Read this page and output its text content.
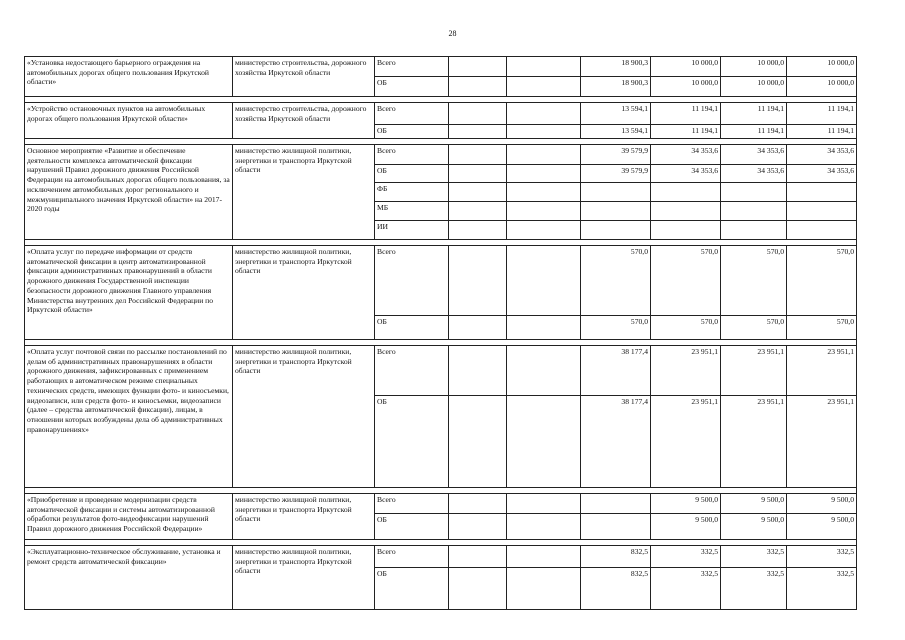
28
«Установка недостающего барьерного ограждения на автомобильных дорогах общего пользования Иркутской области»	министерство строительства, дорожного хозяйства Иркутской области	Всего			18 900,3	10 000,0	10 000,0	10 000,0
		ОБ			18 900,3	10 000,0	10 000,0	10 000,0

«Устройство остановочных пунктов на автомобильных дорогах общего пользования Иркутской области»	министерство строительства, дорожного хозяйства Иркутской области	Всего			13 594,1	11 194,1	11 194,1	11 194,1
		ОБ			13 594,1	11 194,1	11 194,1	11 194,1

Основное мероприятие «Развитие и обеспечение деятельности комплекса автоматической фиксации нарушений Правил дорожного движения Российской Федерации на автомобильных дорогах общего пользования, за исключением автомобильных дорог регионального и межмуниципального значения Иркутской области» на 2017-2020 годы	министерство жилищной политики, энергетики и транспорта Иркутской области	Всего			39 579,9	34 353,6	34 353,6	34 353,6
		ОБ			39 579,9	34 353,6	34 353,6	34 353,6
		ФБ						
		МБ						
		ИИ						

«Оплата услуг по передаче информации от средств автоматической фиксации в центр автоматизированной фиксации административных правонарушений в области дорожного движения Государственной инспекции безопасности дорожного движения Главного управления Министерства внутренних дел Российской Федерации по Иркутской области»	министерство жилищной политики, энергетики и транспорта Иркутской области	Всего			570,0	570,0	570,0	570,0
		ОБ			570,0	570,0	570,0	570,0

«Оплата услуг почтовой связи по рассылке постановлений по делам об административных правонарушениях в области дорожного движения, зафиксированных с применением работающих в автоматическом режиме специальных технических средств, имеющих функции фото- и киносъемки, видеозаписи, или средств фото- и киносъемки, видеозаписи (далее – средства автоматической фиксации), лицам, в отношении которых возбуждены дела об административных правонарушениях»	министерство жилищной политики, энергетики и транспорта Иркутской области	Всего			38 177,4	23 951,1	23 951,1	23 951,1
		ОБ			38 177,4	23 951,1	23 951,1	23 951,1

«Приобретение и проведение модернизации средств автоматической фиксации и системы автоматизированной обработки результатов фото-видеофиксации нарушений Правил дорожного движения Российской Федерации»	министерство жилищной политики, энергетики и транспорта Иркутской области	Всего				9 500,0	9 500,0	9 500,0
		ОБ				9 500,0	9 500,0	9 500,0

«Эксплуатационно-техническое обслуживание, установка и ремонт средств автоматической фиксации»	министерство жилищной политики, энергетики и транспорта Иркутской области	Всего			832,5	332,5	332,5	332,5
		ОБ			832,5	332,5	332,5	332,5
